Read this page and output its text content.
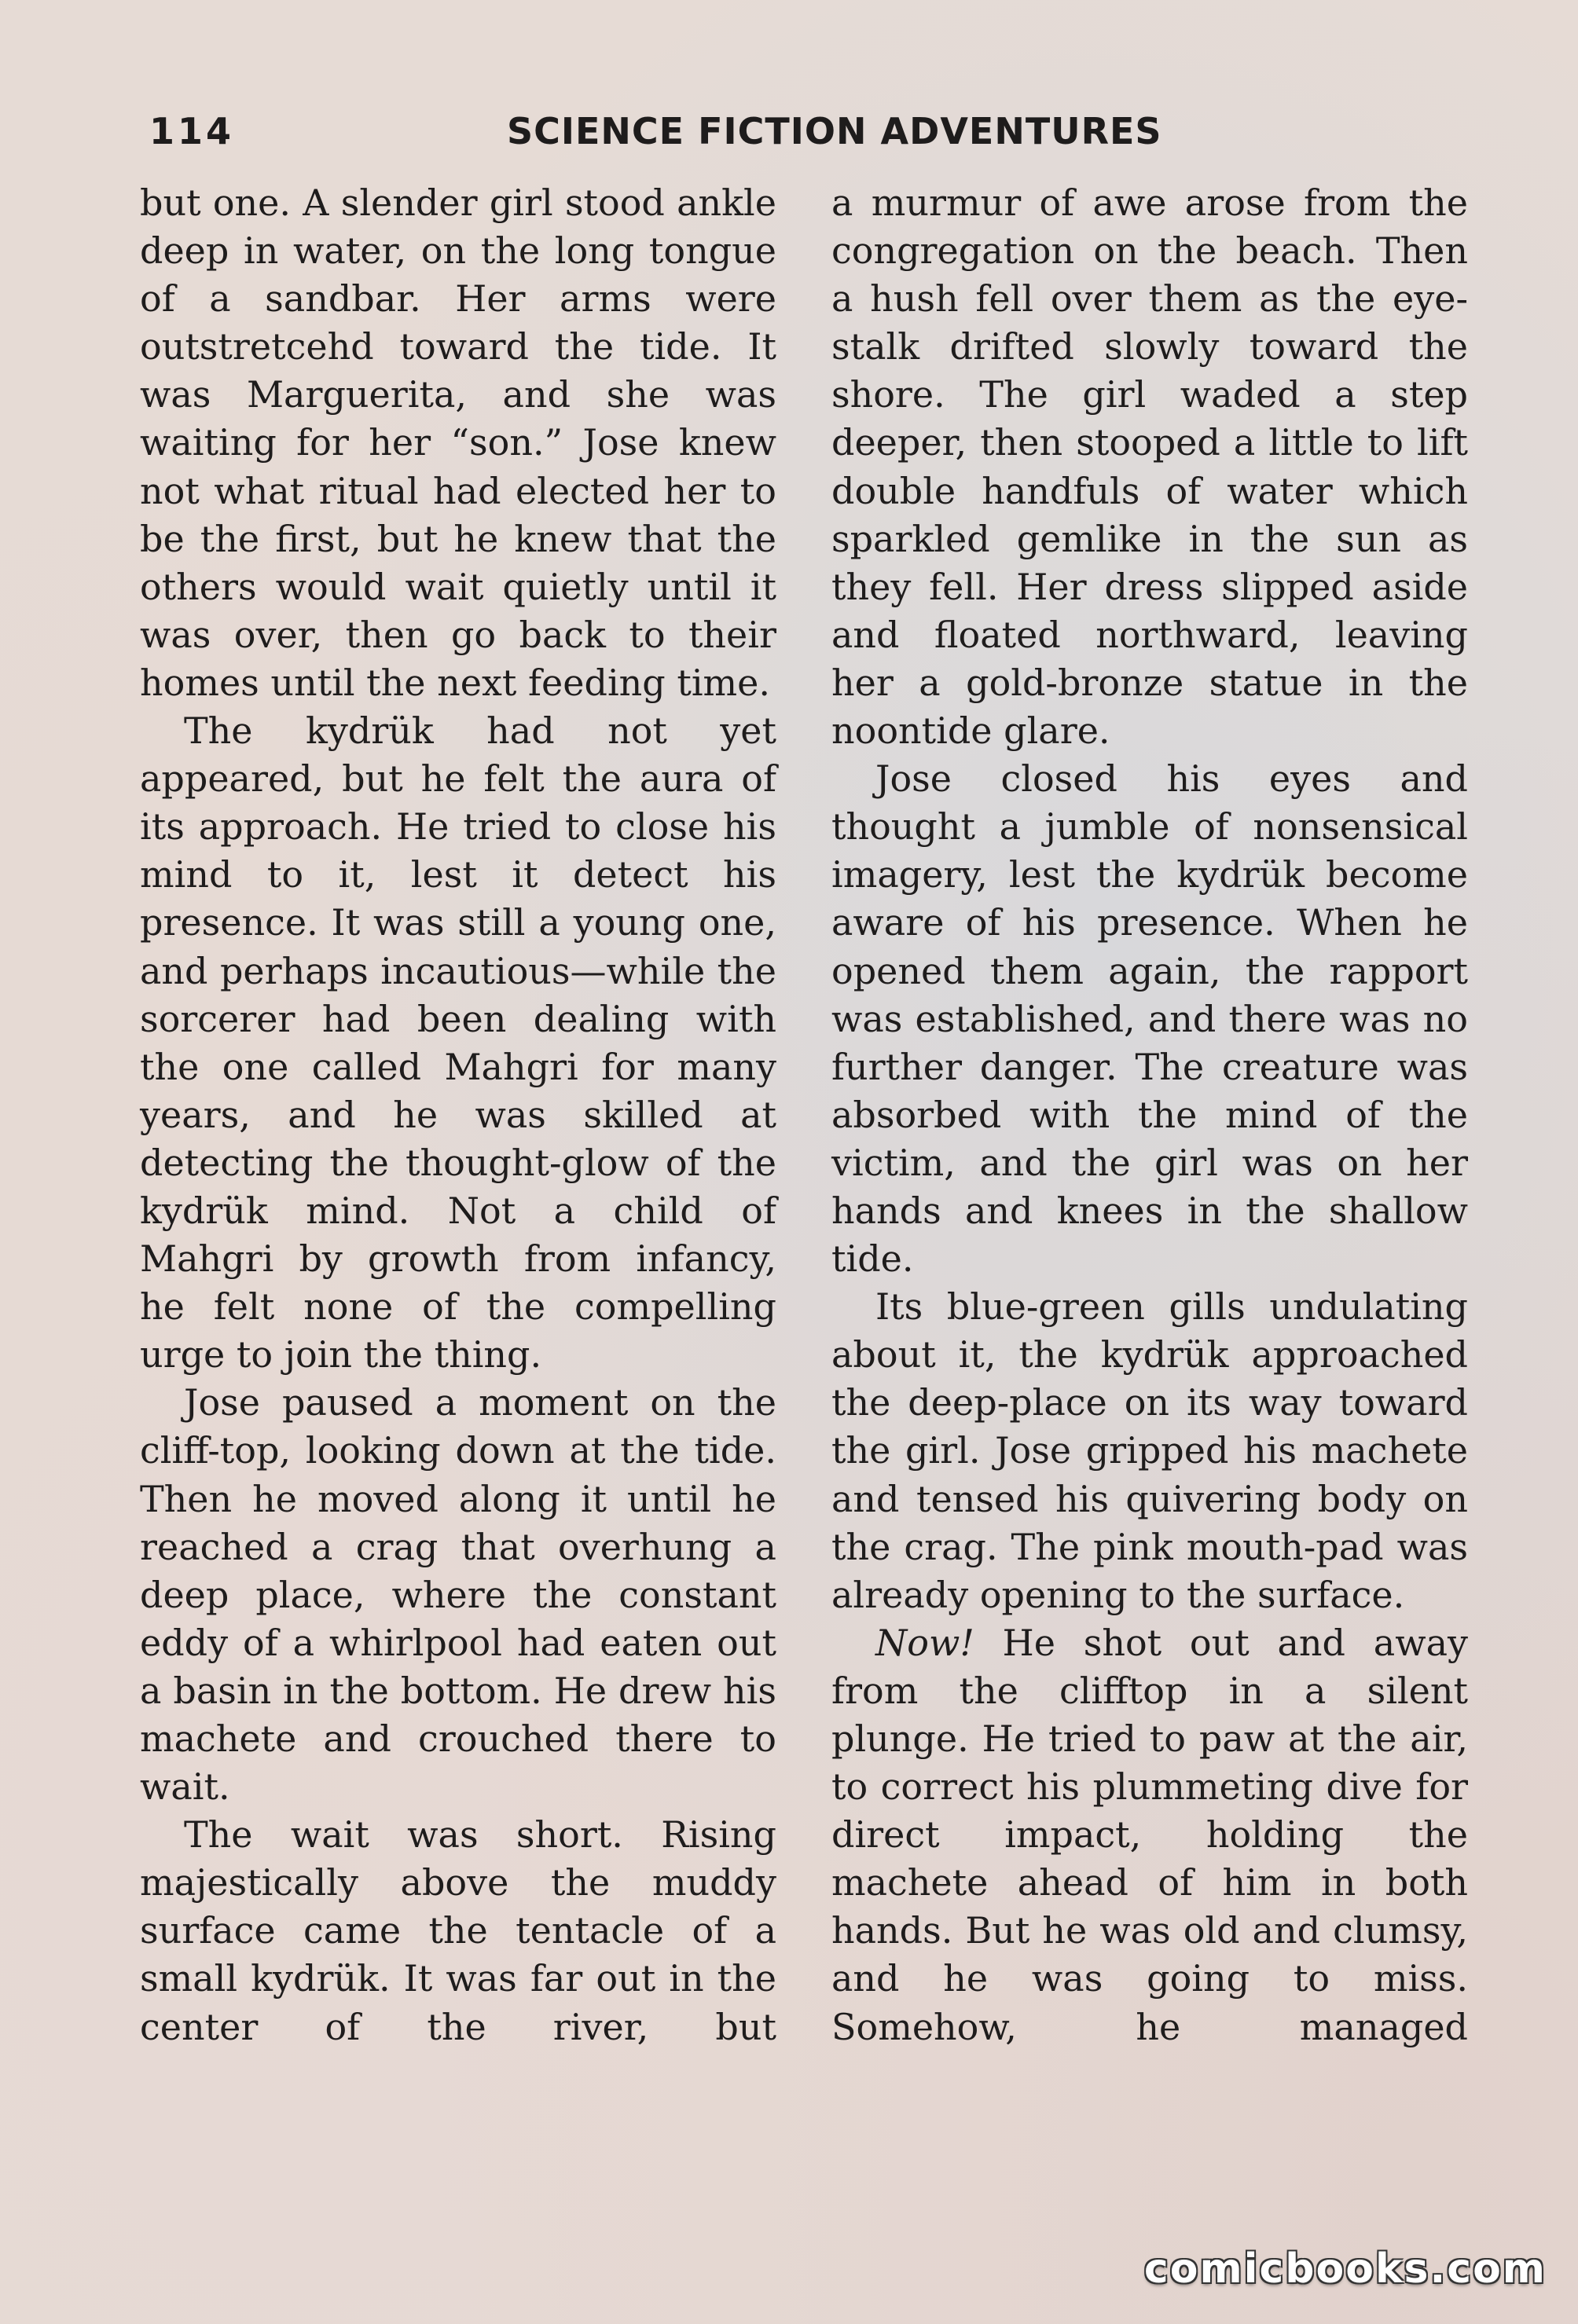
114	SCIENCE FICTION ADVENTURES

but one. A slender girl stood ankle deep in water, on the long tongue of a sandbar. Her arms were outstretcehd toward the tide. It was Marguerita, and she was waiting for her “son.” Jose knew not what ritual had elected her to be the first, but he knew that the others would wait quietly until it was over, then go back to their homes until the next feeding time.

The kydrük had not yet appeared, but he felt the aura of its approach. He tried to close his mind to it, lest it detect his presence. It was still a young one, and perhaps incautious—while the sorcerer had been dealing with the one called Mahgri for many years, and he was skilled at detecting the thought-glow of the kydrük mind. Not a child of Mahgri by growth from infancy, he felt none of the compelling urge to join the thing.

Jose paused a moment on the cliff-top, looking down at the tide. Then he moved along it until he reached a crag that overhung a deep place, where the constant eddy of a whirlpool had eaten out a basin in the bottom. He drew his machete and crouched there to wait.

The wait was short. Rising majestically above the muddy surface came the tentacle of a small kydrük. It was far out in the center of the river, but

a murmur of awe arose from the congregation on the beach. Then a hush fell over them as the eye-stalk drifted slowly toward the shore. The girl waded a step deeper, then stooped a little to lift double handfuls of water which sparkled gemlike in the sun as they fell. Her dress slipped aside and floated northward, leaving her a gold-bronze statue in the noontide glare.

Jose closed his eyes and thought a jumble of nonsensical imagery, lest the kydrük become aware of his presence. When he opened them again, the rapport was established, and there was no further danger. The creature was absorbed with the mind of the victim, and the girl was on her hands and knees in the shallow tide.

Its blue-green gills undulating about it, the kydrük approached the deep-place on its way toward the girl. Jose gripped his machete and tensed his quivering body on the crag. The pink mouth-pad was already opening to the surface.

Now! He shot out and away from the clifftop in a silent plunge. He tried to paw at the air, to correct his plummeting dive for direct impact, holding the machete ahead of him in both hands. But he was old and clumsy, and he was going to miss. Somehow, he managed

comicbooks.com
